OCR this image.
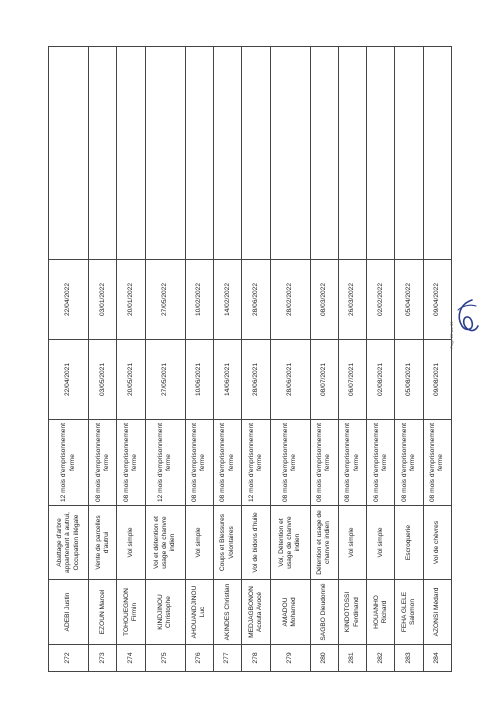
272	ADEBI Justin	Abattage d'arbre appartenant à autrui, Occupation illégale	12 mois d'emprisonnement ferme	22/04/2021	22/04/2022	
273	EZOUN Marcel	Vente de parcelles d'autrui	08 mois d'emprisonnement ferme	03/05/2021	03/01/2022	
274	TOHOUEGNON Firmin	Vol simple	08 mois d'emprisonnement ferme	20/05/2021	20/01/2022	
275	KINDJINOU Christophe	Vol et détention et usage de chanvre indien	12 mois d'emprisonnement ferme	27/05/2021	27/05/2022	
276	AHOUANDJINOU Luc	Vol simple	08 mois d'emprisonnement ferme	10/06/2021	10/02/2022	
277	AKINDES Christian	Coups et Blessures Volontaires	08 mois d'emprisonnement ferme	14/06/2021	14/02/2022	
278	MEDJAGBONON Acouta Avocé	Vol de bidons d'huile	12 mois d'emprisonnement ferme	28/06/2021	28/06/2022	
279	AMADOU Mohamed	Vol, Détention et usage de chanvre indien	08 mois d'emprisonnement ferme	28/06/2021	28/02/2022	
280	SAGBO Dieudonné	Détention et usage de chanvre indien	08 mois d'emprisonnement ferme	08/07/2021	08/03/2022	
281	KINDOTOSSI Ferdinand	Vol simple	08 mois d'emprisonnement ferme	06/07/2021	26/03/2022	
282	HOUANHO Richard	Vol simple	06 mois d'emprisonnement ferme	02/08/2021	02/02/2022	
283	FEHA GLELE Salomon	Escroquerie	08 mois d'emprisonnement ferme	05/08/2021	05/04/2022	
284	AZONSI Médard	Vol de chèvres	08 mois d'emprisonnement ferme	09/08/2021	09/04/2022	
Page 22 sur 39
